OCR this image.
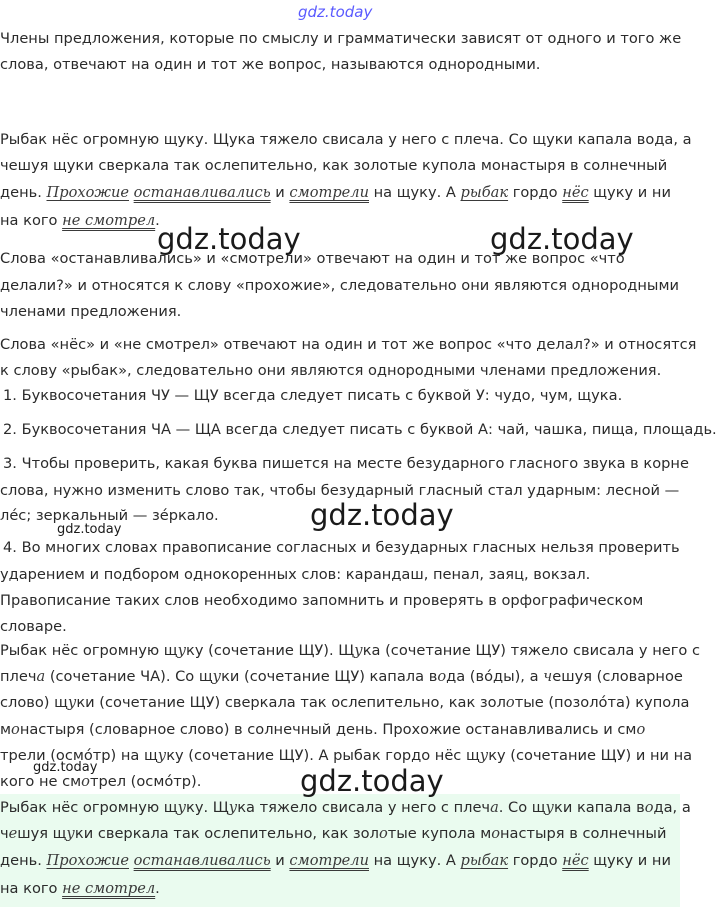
gdz.today
Члены предложения, которые по смыслу и грамматически зависят от одного и того же
слова, отвечают на один и тот же вопрос, называются однородными.
Рыбак нёс огромную щуку. Щука тяжело свисала у него с плеча. Со щуки капала вода, а
чешуя щуки сверкала так ослепительно, как золотые купола монастыря в солнечный
день. Прохожие останавливались и смотрели на щуку. А рыбак гордо нёс щуку и ни
на кого не смотрел.
gdz.today	gdz.today
Слова «останавливались» и «смотрели» отвечают на один и тот же вопрос «что
делали?» и относятся к слову «прохожие», следовательно они являются однородными
членами предложения.
Слова «нёс» и «не смотрел» отвечают на один и тот же вопрос «что делал?» и относятся
к слову «рыбак», следовательно они являются однородными членами предложения.
1. Буквосочетания ЧУ — ЩУ всегда следует писать с буквой У: чудо, чум, щука.
2. Буквосочетания ЧА — ЩА всегда следует писать с буквой А: чай, чашка, пища, площадь.
3. Чтобы проверить, какая буква пишется на месте безударного гласного звука в корне
слова, нужно изменить слово так, чтобы безударный гласный стал ударным: лесной —
лéс; зеркальный — зéркало.
gdz.today	gdz.today
4. Во многих словах правописание согласных и безударных гласных нельзя проверить
ударением и подбором однокоренных слов: карандаш, пенал, заяц, вокзал.
Правописание таких слов необходимо запомнить и проверять в орфографическом
словаре.
Рыбак нёс огромную щуку (сочетание ЩУ). Щука (сочетание ЩУ) тяжело свисала у него с
плеча (сочетание ЧА). Со щуки (сочетание ЩУ) капала вода (вóды), а чешуя (словарное
слово) щуки (сочетание ЩУ) сверкала так ослепительно, как золотые (позолóта) купола
монастыря (словарное слово) в солнечный день. Прохожие останавливались и смо
трели (осмóтр) на щуку (сочетание ЩУ). А рыбак гордо нёс щуку (сочетание ЩУ) и ни на
кого не смотрел (осмóтр).
gdz.today	gdz.today
Рыбак нёс огромную щуку. Щука тяжело свисала у него с плеча. Со щуки капала вода, а
чешуя щуки сверкала так ослепительно, как золотые купола монастыря в солнечный
день. Прохожие останавливались и смотрели на щуку. А рыбак гордо нёс щуку и ни
на кого не смотрел.
